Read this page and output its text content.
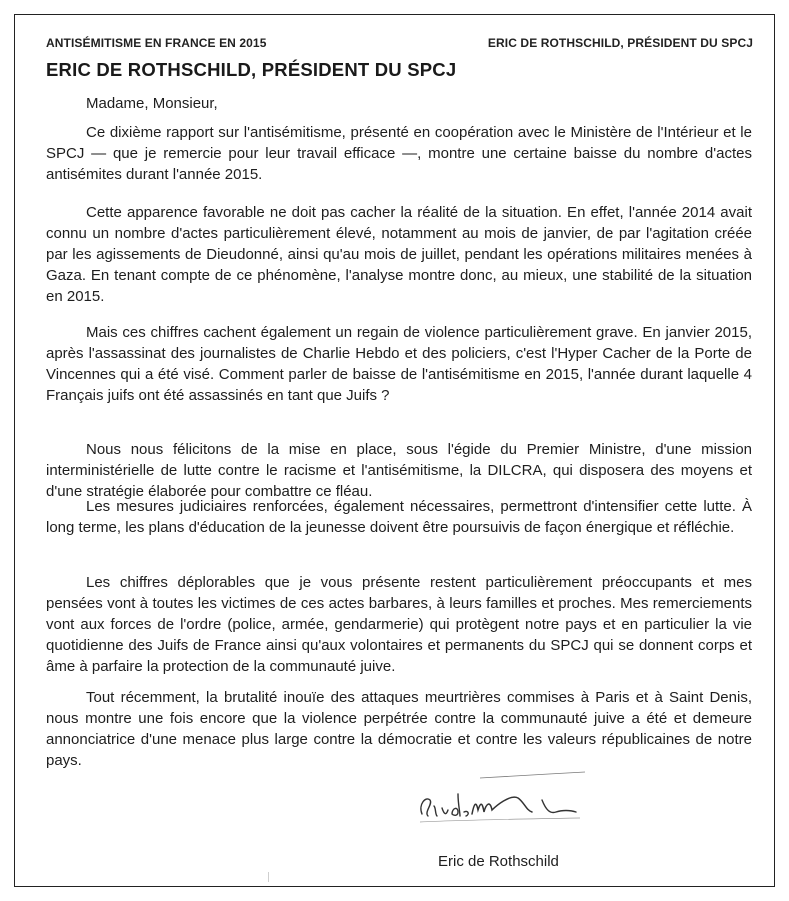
ANTISÉMITISME EN FRANCE EN 2015	ERIC DE ROTHSCHILD, PRÉSIDENT DU SPCJ
ERIC DE ROTHSCHILD, PRÉSIDENT DU SPCJ
Madame, Monsieur,

Ce dixième rapport sur l'antisémitisme, présenté en coopération avec le Ministère de l'Intérieur et le SPCJ — que je remercie pour leur travail efficace —, montre une certaine baisse du nombre d'actes antisémites durant l'année 2015.

Cette apparence favorable ne doit pas cacher la réalité de la situation. En effet, l'année 2014 avait connu un nombre d'actes particulièrement élevé, notamment au mois de janvier, de par l'agitation créée par les agissements de Dieudonné, ainsi qu'au mois de juillet, pendant les opérations militaires menées à Gaza. En tenant compte de ce phénomène, l'analyse montre donc, au mieux, une stabilité de la situation en 2015.

Mais ces chiffres cachent également un regain de violence particulièrement grave. En janvier 2015, après l'assassinat des journalistes de Charlie Hebdo et des policiers, c'est l'Hyper Cacher de la Porte de Vincennes qui a été visé. Comment parler de baisse de l'antisémitisme en 2015, l'année durant laquelle 4 Français juifs ont été assassinés en tant que Juifs ?

Nous nous félicitons de la mise en place, sous l'égide du Premier Ministre, d'une mission interministérielle de lutte contre le racisme et l'antisémitisme, la DILCRA, qui disposera des moyens et d'une stratégie élaborée pour combattre ce fléau.

Les mesures judiciaires renforcées, également nécessaires, permettront d'intensifier cette lutte. À long terme, les plans d'éducation de la jeunesse doivent être poursuivis de façon énergique et réfléchie.

Les chiffres déplorables que je vous présente restent particulièrement préoccupants et mes pensées vont à toutes les victimes de ces actes barbares, à leurs familles et proches. Mes remerciements vont aux forces de l'ordre (police, armée, gendarmerie) qui protègent notre pays et en particulier la vie quotidienne des Juifs de France ainsi qu'aux volontaires et permanents du SPCJ qui se donnent corps et âme à parfaire la protection de la communauté juive.

Tout récemment, la brutalité inouïe des attaques meurtrières commises à Paris et à Saint Denis, nous montre une fois encore que la violence perpétrée contre la communauté juive a été et demeure annonciatrice d'une menace plus large contre la démocratie et contre les valeurs républicaines de notre pays.

Eric de Rothschild
